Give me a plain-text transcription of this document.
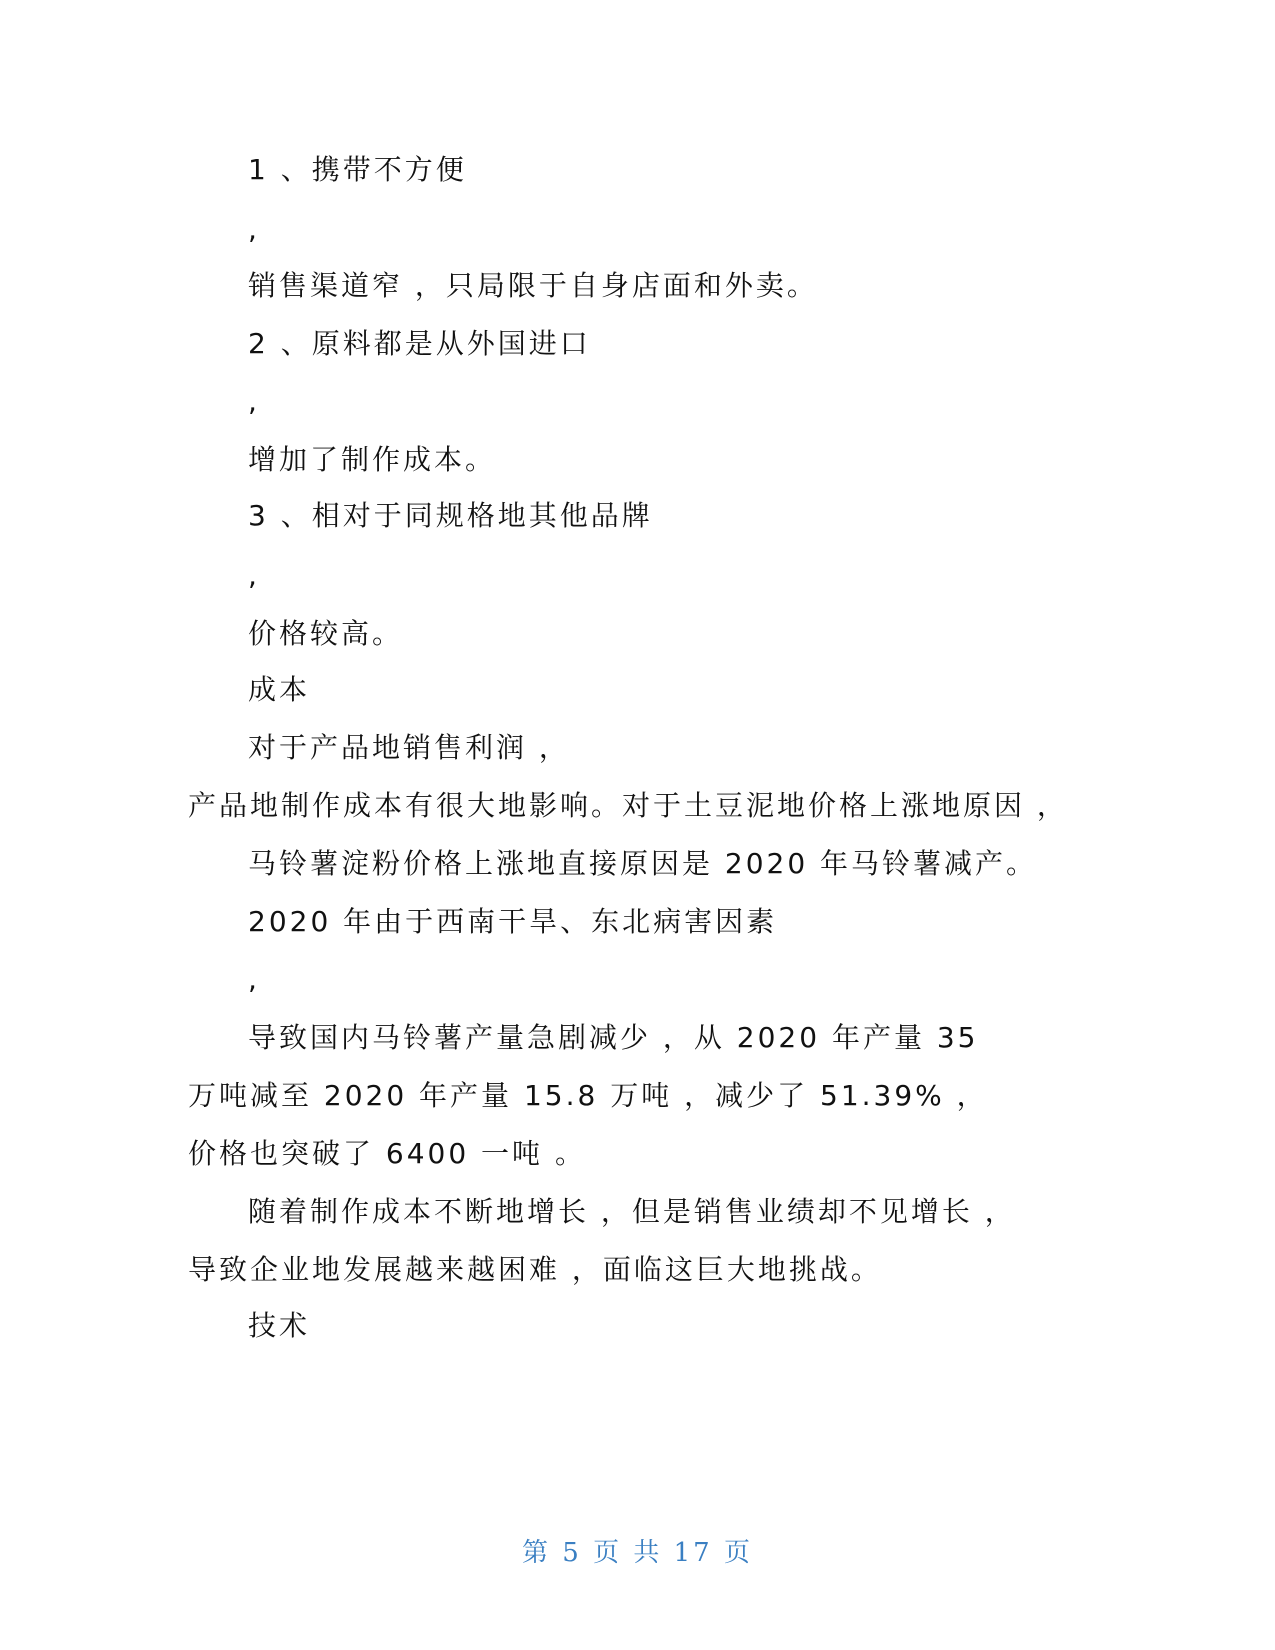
1 、携带不方便

,

销售渠道窄 ，只局限于自身店面和外卖。

2 、原料都是从外国进口

,

增加了制作成本。

3 、相对于同规格地其他品牌

,

价格较高。

成本

对于产品地销售利润 ，

产品地制作成本有很大地影响。对于土豆泥地价格上涨地原因 ，

马铃薯淀粉价格上涨地直接原因是 2020 年马铃薯减产。

2020 年由于西南干旱、东北病害因素

,

导致国内马铃薯产量急剧减少 ，从 2020 年产量 35

万吨减至 2020 年产量 15.8 万吨 ，减少了 51.39% ，

价格也突破了 6400 一吨 。

随着制作成本不断地增长 ，但是销售业绩却不见增长 ，

导致企业地发展越来越困难 ，面临这巨大地挑战。

技术

第 5 页 共 17 页
